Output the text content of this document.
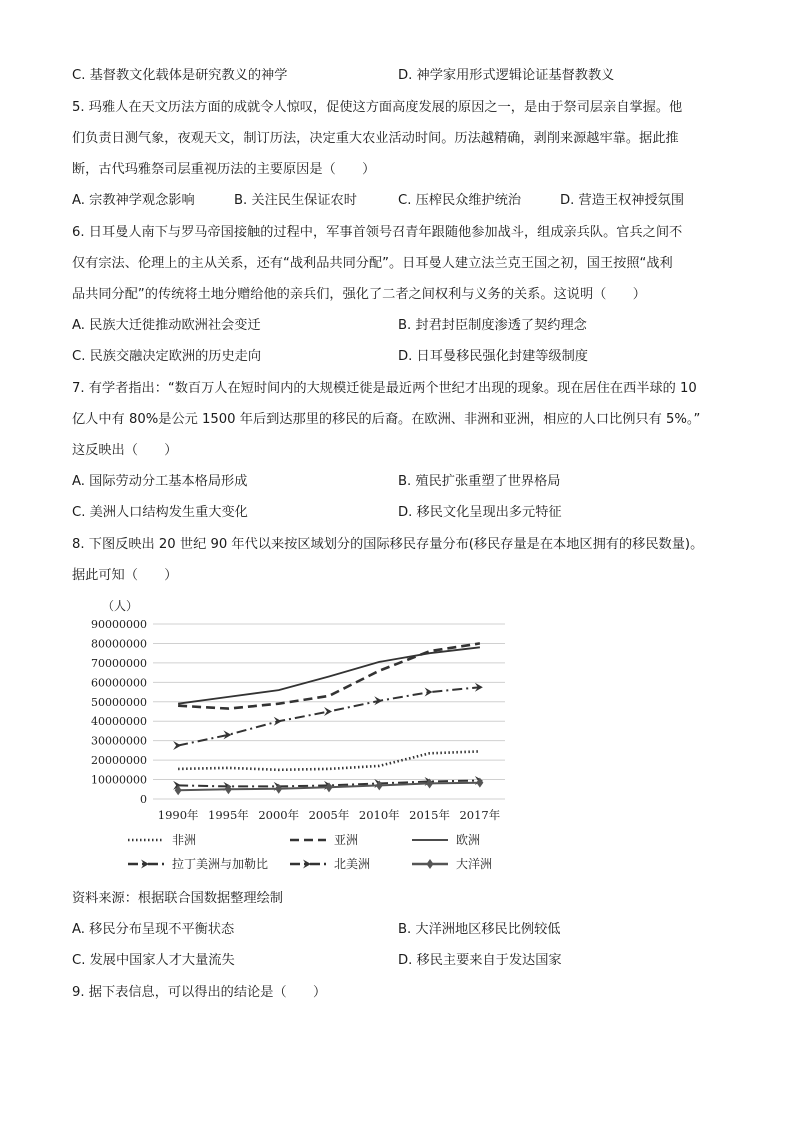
C. 基督教文化载体是研究教义的神学	D. 神学家用形式逻辑论证基督教教义
5. 玛雅人在天文历法方面的成就令人惊叹，促使这方面高度发展的原因之一，是由于祭司层亲自掌握。他
们负责日测气象，夜观天文，制订历法，决定重大农业活动时间。历法越精确，剥削来源越牢靠。据此推
断，古代玛雅祭司层重视历法的主要原因是（　　）
A. 宗教神学观念影响	B. 关注民生保证农时	C. 压榨民众维护统治	D. 营造王权神授氛围
6. 日耳曼人南下与罗马帝国接触的过程中，军事首领号召青年跟随他参加战斗，组成亲兵队。官兵之间不
仅有宗法、伦理上的主从关系，还有“战利品共同分配”。日耳曼人建立法兰克王国之初，国王按照“战利
品共同分配”的传统将土地分赠给他的亲兵们，强化了二者之间权利与义务的关系。这说明（　　）
A. 民族大迁徙推动欧洲社会变迁	B. 封君封臣制度渗透了契约理念
C. 民族交融决定欧洲的历史走向	D. 日耳曼移民强化封建等级制度
7. 有学者指出：“数百万人在短时间内的大规模迁徙是最近两个世纪才出现的现象。现在居住在西半球的 10
亿人中有 80%是公元 1500 年后到达那里的移民的后裔。在欧洲、非洲和亚洲，相应的人口比例只有 5%。”
这反映出（　　）
A. 国际劳动分工基本格局形成	B. 殖民扩张重塑了世界格局
C. 美洲人口结构发生重大变化	D. 移民文化呈现出多元特征
8. 下图反映出 20 世纪 90 年代以来按区域划分的国际移民存量分布(移民存量是在本地区拥有的移民数量)。
据此可知（　　）
（人）
0
10000000
20000000
30000000
40000000
50000000
60000000
70000000
80000000
90000000
1990年 1995年 2000年 2005年 2010年 2015年 2017年
非洲	亚洲	欧洲
拉丁美洲与加勒比	北美洲	大洋洲
资料来源：根据联合国数据整理绘制
A. 移民分布呈现不平衡状态	B. 大洋洲地区移民比例较低
C. 发展中国家人才大量流失	D. 移民主要来自于发达国家
9. 据下表信息，可以得出的结论是（　　）
